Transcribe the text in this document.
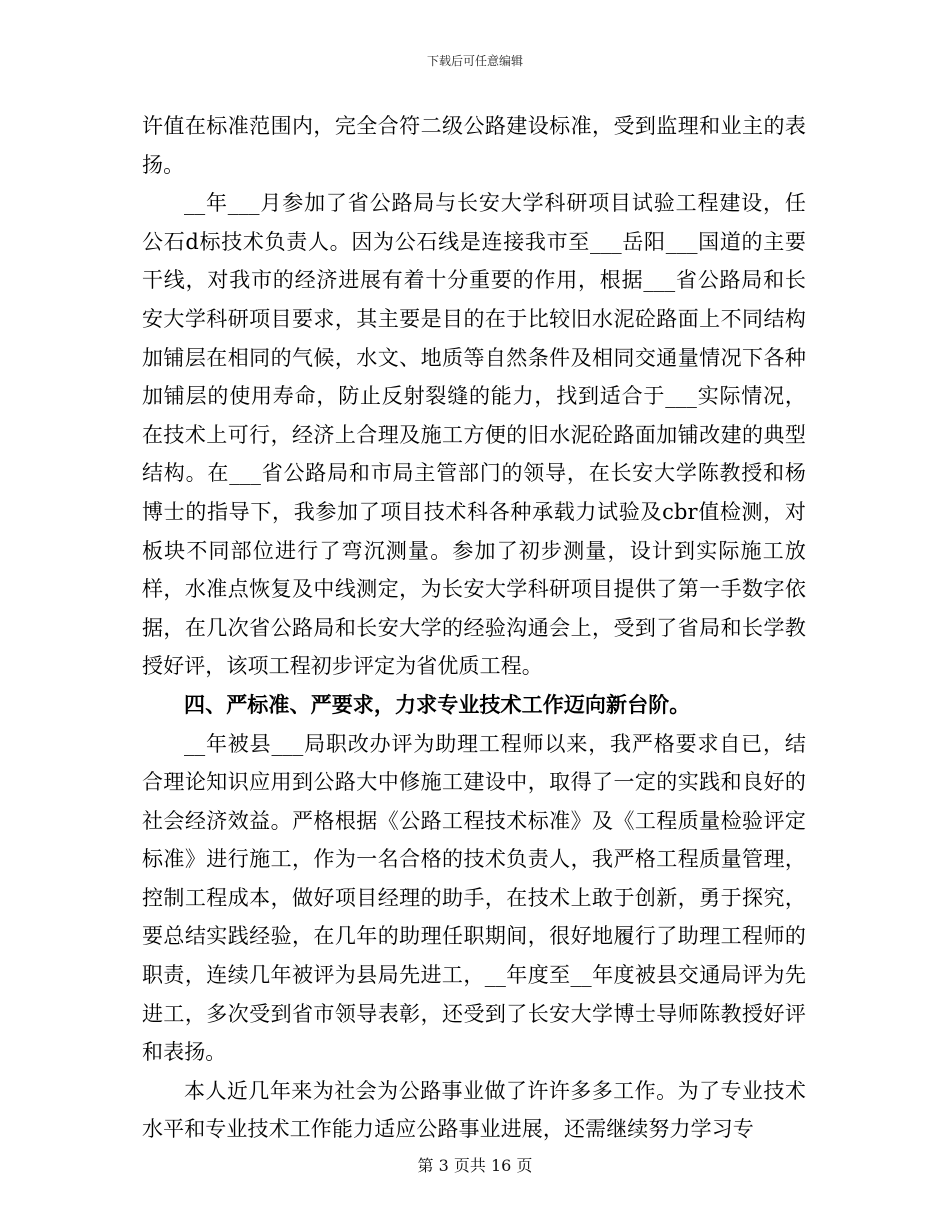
下载后可任意编辑

许值在标准范围内，完全合符二级公路建设标准，受到监理和业主的表扬。

__年___月参加了省公路局与长安大学科研项目试验工程建设，任公石d标技术负责人。因为公石线是连接我市至___岳阳___国道的主要干线，对我市的经济进展有着十分重要的作用，根据___省公路局和长安大学科研项目要求，其主要是目的在于比较旧水泥砼路面上不同结构加铺层在相同的气候，水文、地质等自然条件及相同交通量情况下各种加铺层的使用寿命，防止反射裂缝的能力，找到适合于___实际情况，在技术上可行，经济上合理及施工方便的旧水泥砼路面加铺改建的典型结构。在___省公路局和市局主管部门的领导，在长安大学陈教授和杨博士的指导下，我参加了项目技术科各种承载力试验及cbr值检测，对板块不同部位进行了弯沉测量。参加了初步测量，设计到实际施工放样，水准点恢复及中线测定，为长安大学科研项目提供了第一手数字依据，在几次省公路局和长安大学的经验沟通会上，受到了省局和长学教授好评，该项工程初步评定为省优质工程。

四、严标准、严要求，力求专业技术工作迈向新台阶。

__年被县___局职改办评为助理工程师以来，我严格要求自已，结合理论知识应用到公路大中修施工建设中，取得了一定的实践和良好的社会经济效益。严格根据《公路工程技术标准》及《工程质量检验评定标准》进行施工，作为一名合格的技术负责人，我严格工程质量管理，控制工程成本，做好项目经理的助手，在技术上敢于创新，勇于探究，要总结实践经验，在几年的助理任职期间，很好地履行了助理工程师的职责，连续几年被评为县局先进工，__年度至__年度被县交通局评为先进工，多次受到省市领导表彰，还受到了长安大学博士导师陈教授好评和表扬。

本人近几年来为社会为公路事业做了许许多多工作。为了专业技术水平和专业技术工作能力适应公路事业进展，还需继续努力学习专

第 3 页共 16 页
